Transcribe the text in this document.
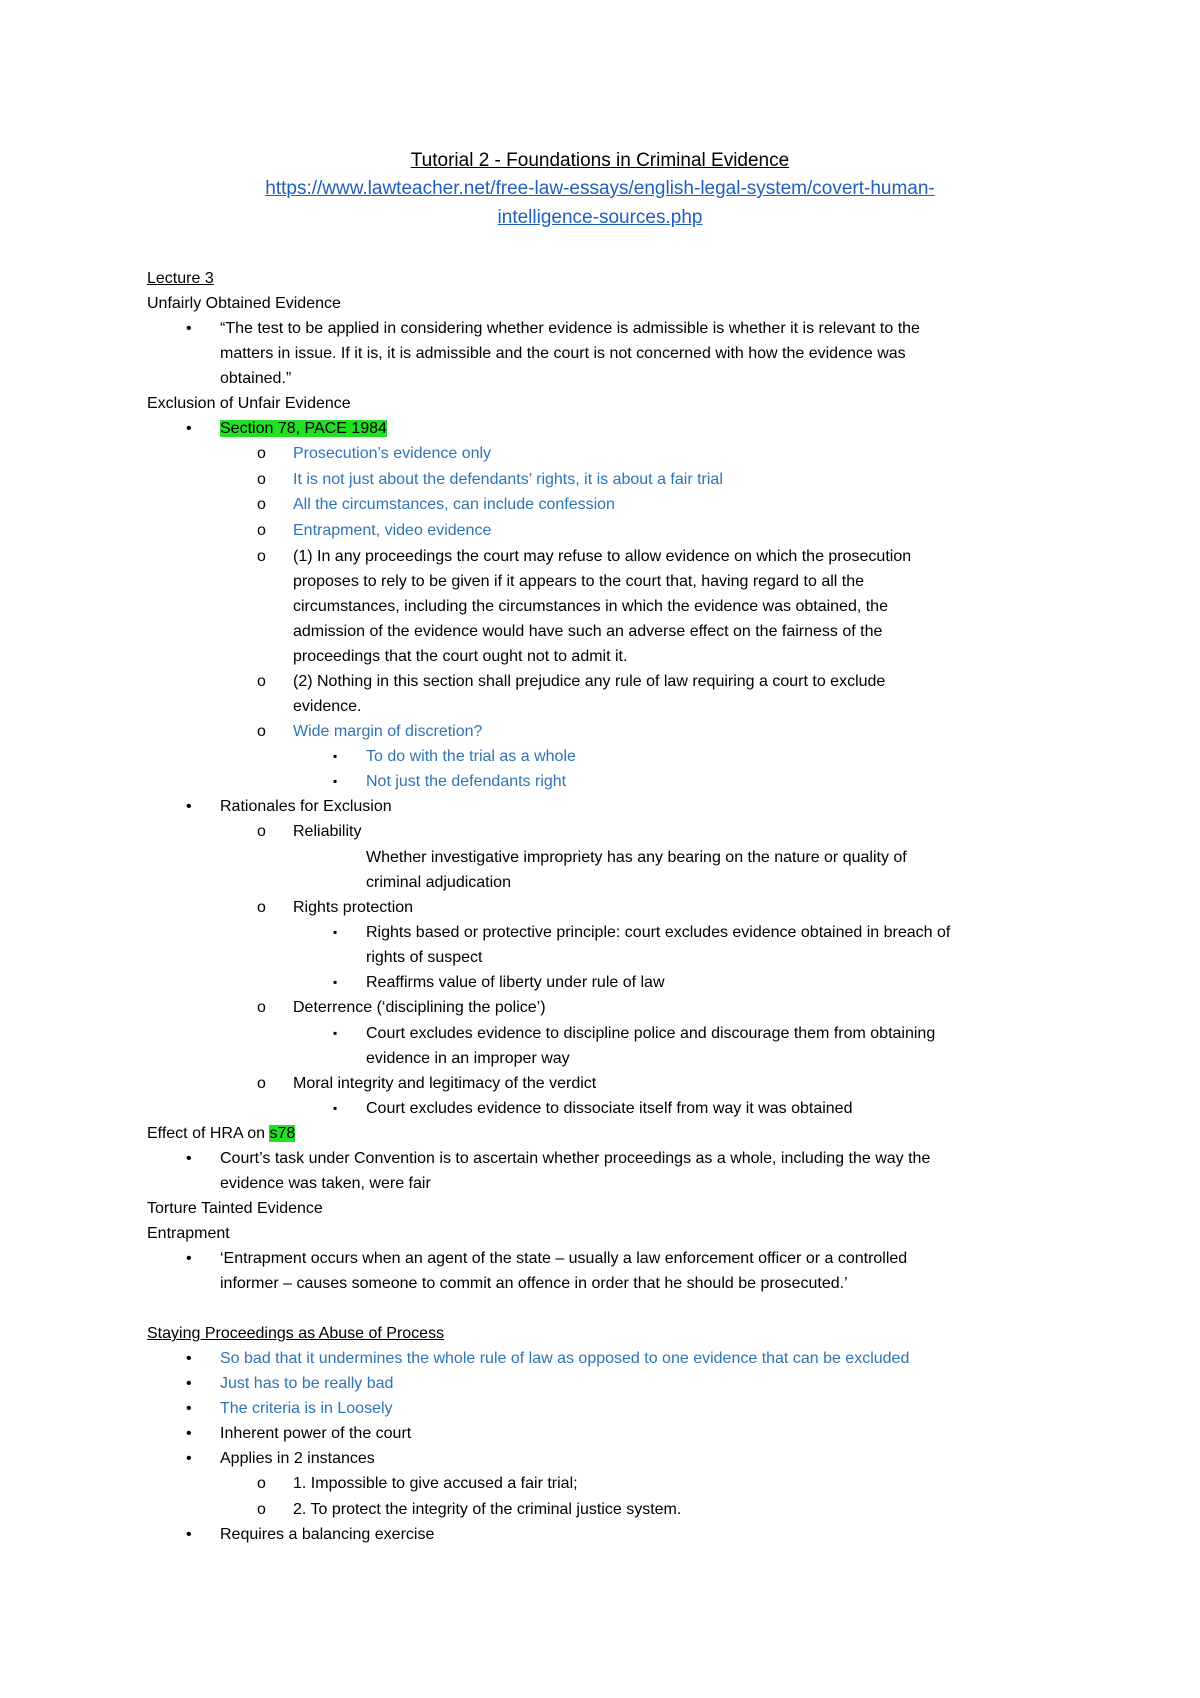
Tutorial 2 - Foundations in Criminal Evidence
https://www.lawteacher.net/free-law-essays/english-legal-system/covert-human-
intelligence-sources.php
Lecture 3
Unfairly Obtained Evidence
• “The test to be applied in considering whether evidence is admissible is whether it is relevant to the
matters in issue. If it is, it is admissible and the court is not concerned with how the evidence was
obtained.”
Exclusion of Unfair Evidence
• Section 78, PACE 1984
o Prosecution’s evidence only
o It is not just about the defendants’ rights, it is about a fair trial
o All the circumstances, can include confession
o Entrapment, video evidence
o (1) In any proceedings the court may refuse to allow evidence on which the prosecution
proposes to rely to be given if it appears to the court that, having regard to all the
circumstances, including the circumstances in which the evidence was obtained, the
admission of the evidence would have such an adverse effect on the fairness of the
proceedings that the court ought not to admit it.
o (2) Nothing in this section shall prejudice any rule of law requiring a court to exclude
evidence.
o Wide margin of discretion?
▪ To do with the trial as a whole
▪ Not just the defendants right
• Rationales for Exclusion
o Reliability
Whether investigative impropriety has any bearing on the nature or quality of
criminal adjudication
o Rights protection
▪ Rights based or protective principle: court excludes evidence obtained in breach of
rights of suspect
▪ Reaffirms value of liberty under rule of law
o Deterrence (‘disciplining the police’)
▪ Court excludes evidence to discipline police and discourage them from obtaining
evidence in an improper way
o Moral integrity and legitimacy of the verdict
▪ Court excludes evidence to dissociate itself from way it was obtained
Effect of HRA on s78
• Court’s task under Convention is to ascertain whether proceedings as a whole, including the way the
evidence was taken, were fair
Torture Tainted Evidence
Entrapment
• ‘Entrapment occurs when an agent of the state – usually a law enforcement officer or a controlled
informer – causes someone to commit an offence in order that he should be prosecuted.’
Staying Proceedings as Abuse of Process
• So bad that it undermines the whole rule of law as opposed to one evidence that can be excluded
• Just has to be really bad
• The criteria is in Loosely
• Inherent power of the court
• Applies in 2 instances
o 1. Impossible to give accused a fair trial;
o 2. To protect the integrity of the criminal justice system.
• Requires a balancing exercise
